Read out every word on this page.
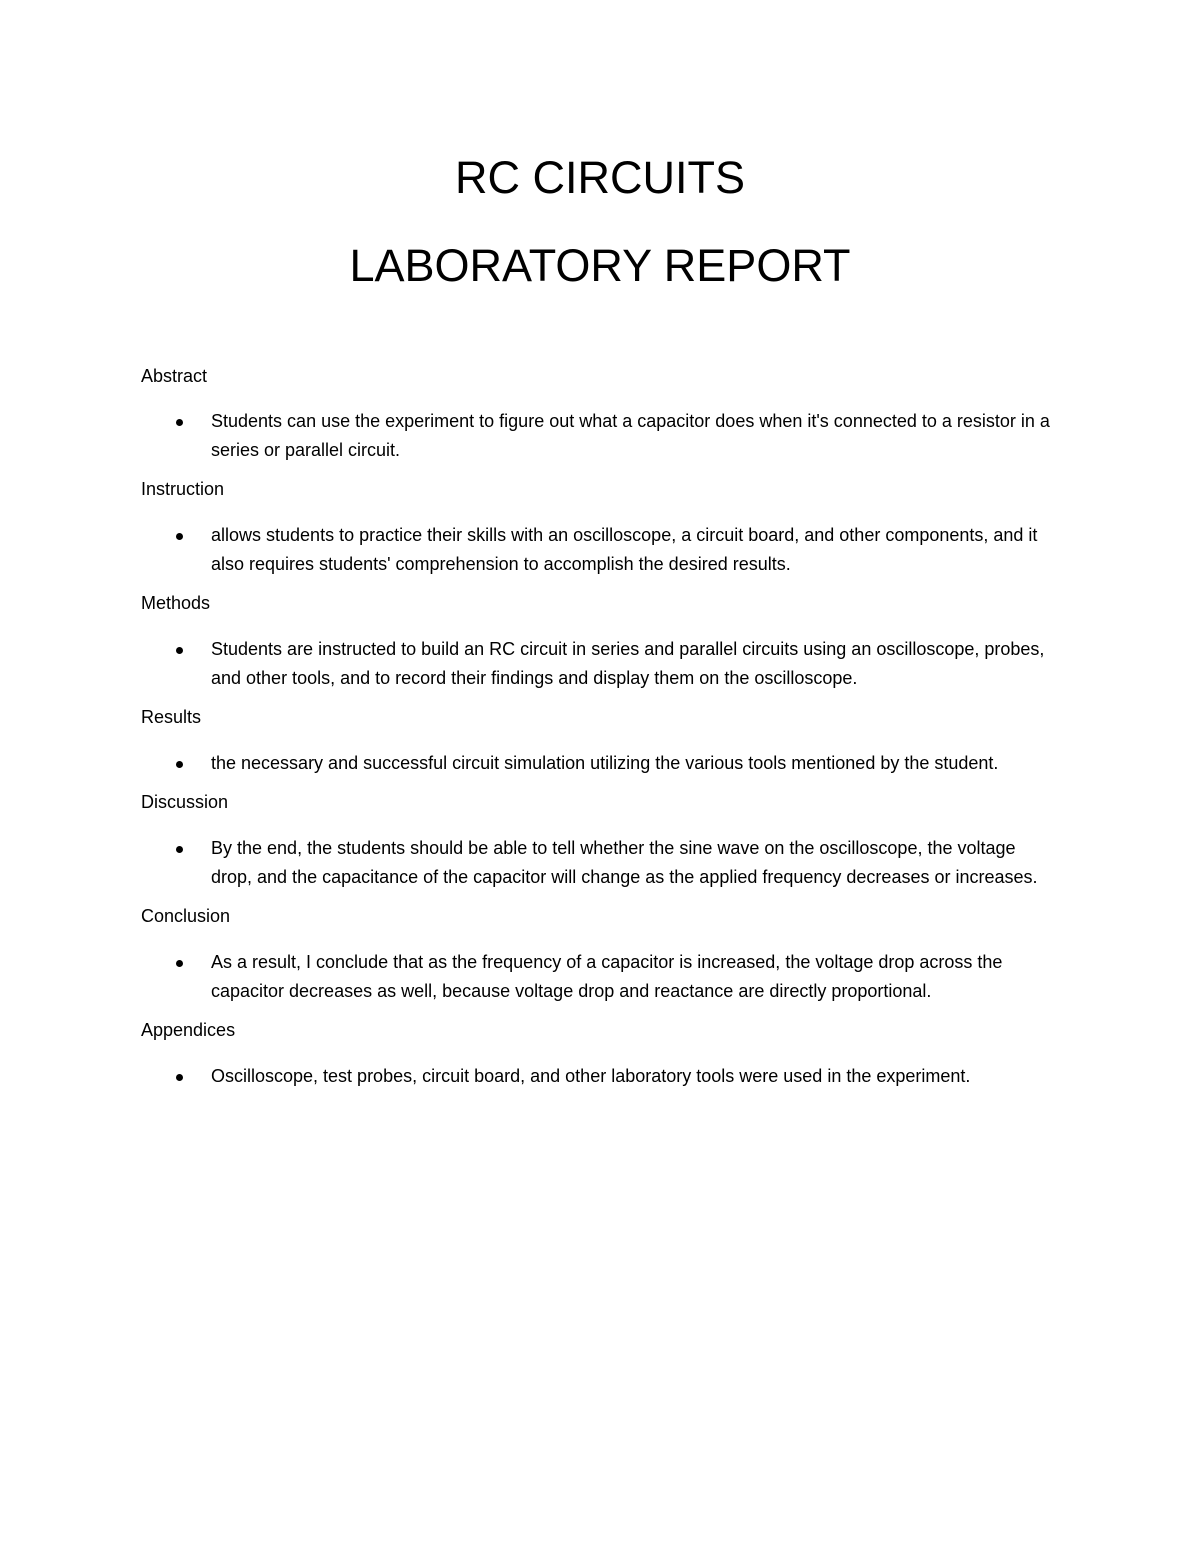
RC CIRCUITS
LABORATORY REPORT
Abstract
Students can use the experiment to figure out what a capacitor does when it's connected to a resistor in a series or parallel circuit.
Instruction
allows students to practice their skills with an oscilloscope, a circuit board, and other components, and it also requires students' comprehension to accomplish the desired results.
Methods
Students are instructed to build an RC circuit in series and parallel circuits using an oscilloscope, probes, and other tools, and to record their findings and display them on the oscilloscope.
Results
the necessary and successful circuit simulation utilizing the various tools mentioned by the student.
Discussion
By the end, the students should be able to tell whether the sine wave on the oscilloscope, the voltage drop, and the capacitance of the capacitor will change as the applied frequency decreases or increases.
Conclusion
As a result, I conclude that as the frequency of a capacitor is increased, the voltage drop across the capacitor decreases as well, because voltage drop and reactance are directly proportional.
Appendices
Oscilloscope, test probes, circuit board, and other laboratory tools were used in the experiment.
